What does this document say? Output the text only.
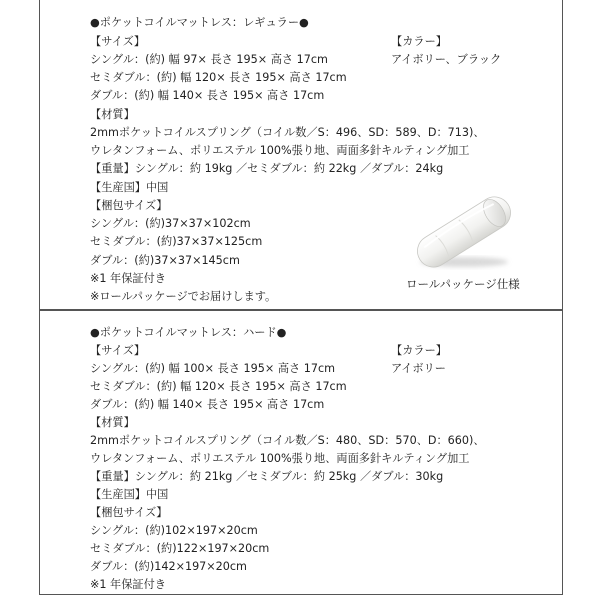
●ポケットコイルマットレス：レギュラー●
【サイズ】
シングル：(約) 幅 97× 長さ 195× 高さ 17cm
セミダブル：(約) 幅 120× 長さ 195× 高さ 17cm
ダブル：(約) 幅 140× 長さ 195× 高さ 17cm
【材質】
2mmポケットコイルスプリング（コイル数／S：496、SD：589、D：713)、
ウレタンフォーム、ポリエステル 100%張り地、両面多針キルティング加工
【重量】シングル：約 19kg ／セミダブル：約 22kg ／ダブル：24kg
【生産国】中国
【梱包サイズ】
シングル：(約)37×37×102cm
セミダブル：(約)37×37×125cm
ダブル：(約)37×37×145cm
※1 年保証付き
※ロールパッケージでお届けします。
【カラー】
アイボリー、ブラック
ロールパッケージ仕様
●ポケットコイルマットレス：ハード●
【サイズ】
シングル：(約) 幅 100× 長さ 195× 高さ 17cm
セミダブル：(約) 幅 120× 長さ 195× 高さ 17cm
ダブル：(約) 幅 140× 長さ 195× 高さ 17cm
【材質】
2mmポケットコイルスプリング（コイル数／S：480、SD：570、D：660)、
ウレタンフォーム、ポリエステル 100%張り地、両面多針キルティング加工
【重量】シングル：約 21kg ／セミダブル：約 25kg ／ダブル：30kg
【生産国】中国
【梱包サイズ】
シングル：(約)102×197×20cm
セミダブル：(約)122×197×20cm
ダブル：(約)142×197×20cm
※1 年保証付き
【カラー】
アイボリー
